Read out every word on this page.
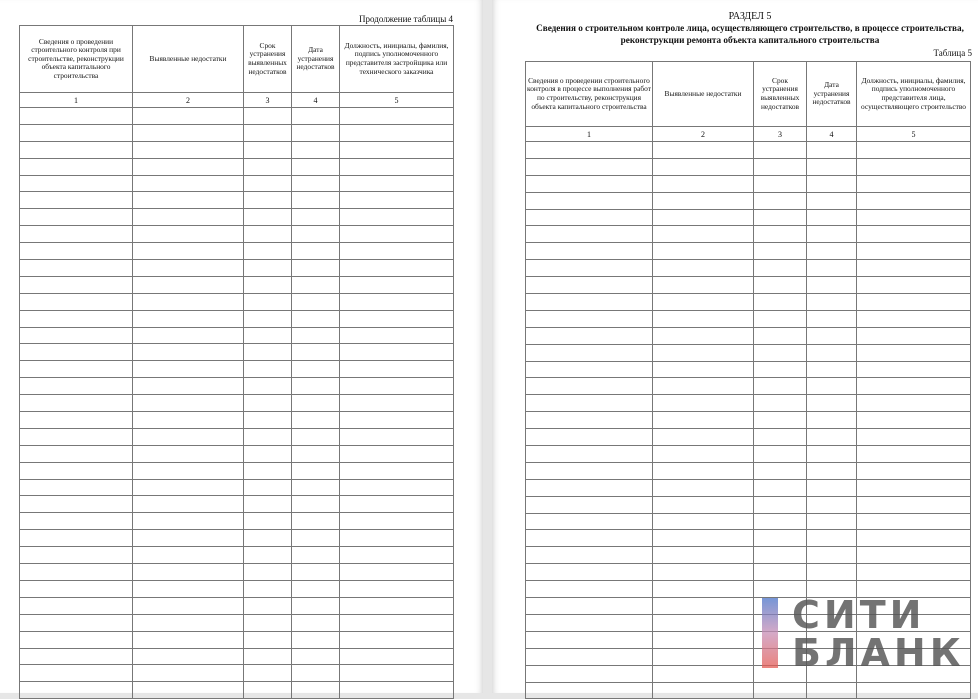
Продолжение таблицы 4
Сведения о проведении строительного контроля при строительстве, реконструкции объекта капитального строительства	Выявленные недостатки	Срок устранения выявленных недостатков	Дата устранения недостатков	Должность, инициалы, фамилия, подпись уполномоченного представителя застройщика или технического заказчика
1	2	3	4	5

РАЗДЕЛ 5
Сведения о строительном контроле лица, осуществляющего строительство, в процессе строительства, реконструкции ремонта объекта капитального строительства
Таблица 5
Сведения о проведении строительного контроля в процессе выполнения работ по строительству, реконструкция объекта капитального строительства	Выявленные недостатки	Срок устранения выявленных недостатков	Дата устранения недостатков	Должность, инициалы, фамилия, подпись уполномоченного представителя лица, осуществляющего строительство
1	2	3	4	5

СИТИ
БЛАНК
